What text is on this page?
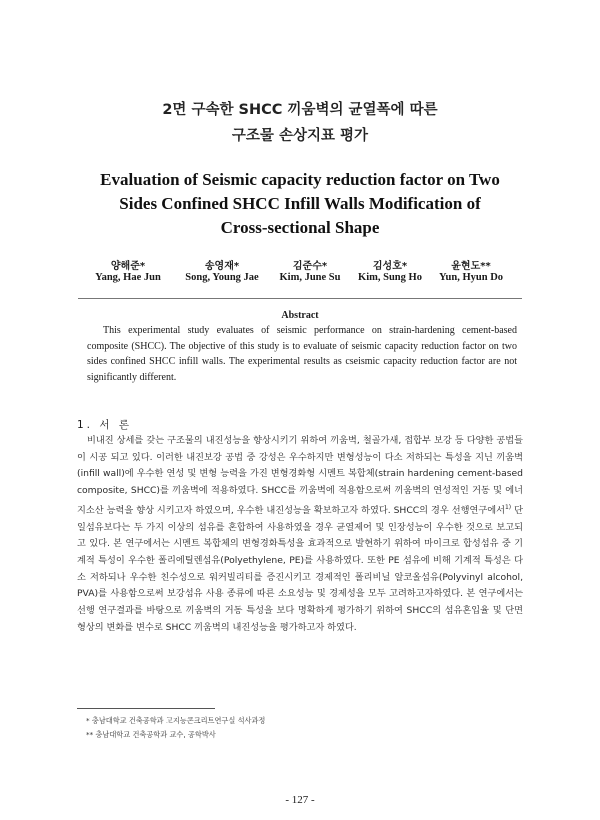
2면 구속한 SHCC 끼움벽의 균열폭에 따른
구조물 손상지표 평가
Evaluation of Seismic capacity reduction factor on Two
Sides Confined SHCC Infill Walls Modification of
Cross-sectional Shape
양해준*
Yang, Hae Jun
송영재*
Song, Young Jae
김준수*
Kim, June Su
김성호*
Kim, Sung Ho
윤현도**
Yun, Hyun Do
Abstract

This experimental study evaluates of seismic performance on strain-hardening cement-based composite (SHCC). The objective of this study is to evaluate of seismic capacity reduction factor on two sides confined SHCC infill walls. The experimental results as cseismic capacity reduction factor are not significantly different.

1. 서 론

비내진 상세를 갖는 구조물의 내진성능을 향상시키기 위하여 끼움벽, 철골가새, 접합부 보강 등 다양한 공법들이 시공 되고 있다. 이러한 내진보강 공법 중 강성은 우수하지만 변형성능이 다소 저하되는 특성을 지닌 끼움벽(infill wall)에 우수한 연성 및 변형 능력을 가진 변형경화형 시멘트 복합체(strain hardening cement-based composite, SHCC)를 끼움벽에 적용하였다. SHCC를 끼움벽에 적용함으로써 끼움벽의 연성적인 거동 및 에너지소산 능력을 향상 시키고자 하였으며, 우수한 내진성능을 확보하고자 하였다. SHCC의 경우 선행연구에서$^{1)}$ 단일섬유보다는 두 가지 이상의 섬유를 혼합하여 사용하였을 경우 균열제어 및 인장성능이 우수한 것으로 보고되고 있다. 본 연구에서는 시멘트 복합체의 변형경화특성을 효과적으로 발현하기 위하여 마이크로 합성섬유 중 기계적 특성이 우수한 폴리에틸렌섬유(Polyethylene, PE)를 사용하였다. 또한 PE 섬유에 비해 기계적 특성은 다소 저하되나 우수한 친수성으로 워커빌리티를 증진시키고 경제적인 폴리비닐 알코올섬유(Polyvinyl alcohol, PVA)를 사용함으로써 보강섬유 사용 종류에 따른 소요성능 및 경제성을 모두 고려하고자하였다. 본 연구에서는 선행 연구결과를 바탕으로 끼움벽의 거동 특성을 보다 명확하게 평가하기 위하여 SHCC의 섬유혼입율 및 단면 형상의 변화를 변수로 SHCC 끼움벽의 내진성능을 평가하고자 하였다.

* 충남대학교 건축공학과 고지능콘크리트연구실 석사과정
** 충남대학교 건축공학과 교수, 공학박사
- 127 -
